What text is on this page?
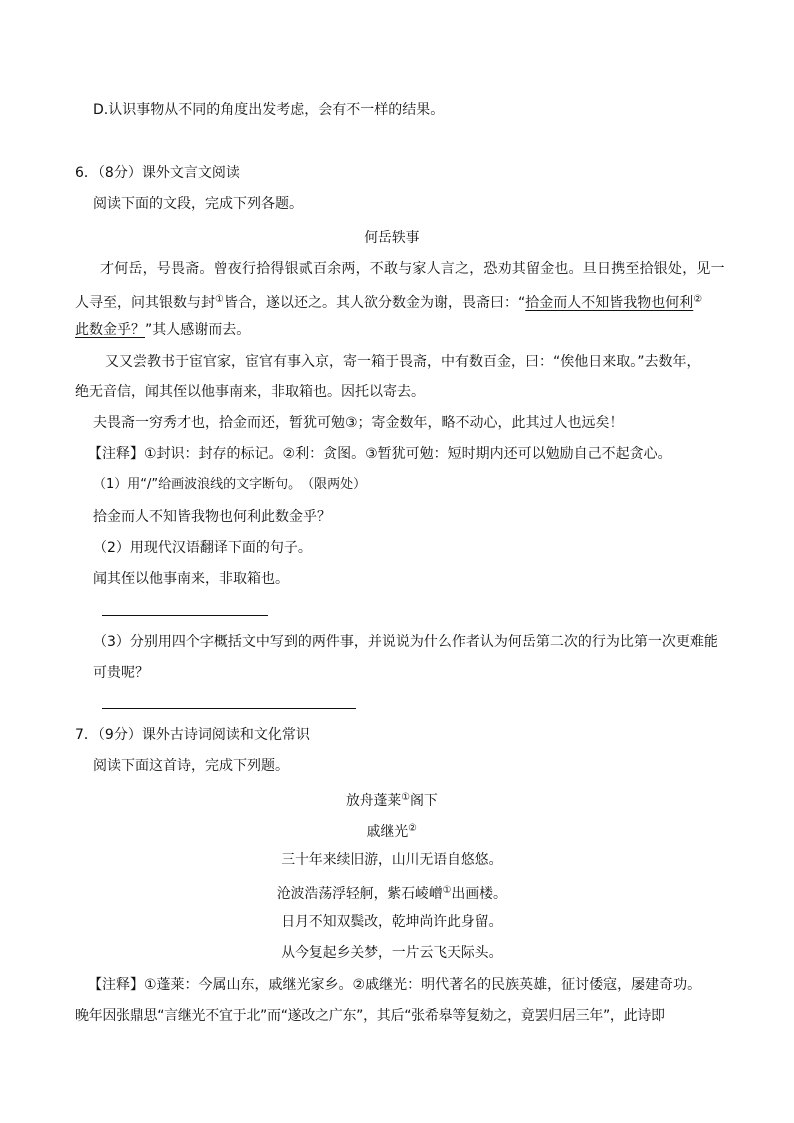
D.认识事物从不同的角度出发考虑，会有不一样的结果。
6．（8分）课外文言文阅读
阅读下面的文段，完成下列各题。
何岳轶事
才何岳，号畏斋。曾夜行拾得银贰百余两，不敢与家人言之，恐劝其留金也。旦日携至拾银处，见一
人寻至，问其银数与封①皆合，遂以还之。其人欲分数金为谢，畏斋曰：“拾金而人不知皆我物也何利②
此数金乎？”其人感谢而去。
又又尝教书于宦官家，宦官有事入京，寄一箱于畏斋，中有数百金，曰：“俟他日来取。”去数年，
绝无音信，闻其侄以他事南来，非取箱也。因托以寄去。
夫畏斋一穷秀才也，拾金而还，暂犹可勉③；寄金数年，略不动心，此其过人也远矣！
【注释】①封识：封存的标记。②利：贪图。③暂犹可勉：短时期内还可以勉励自己不起贪心。
（1）用“/”给画波浪线的文字断句。　（限两处）
拾金而人不知皆我物也何利此数金乎？
（2）用现代汉语翻译下面的句子。
闻其侄以他事南来，非取箱也。
（3）分别用四个字概括文中写到的两件事，并说说为什么作者认为何岳第二次的行为比第一次更难能
可贵呢？
7．（9分）课外古诗词阅读和文化常识
阅读下面这首诗，完成下列题。
放舟蓬莱①阁下
戚继光②
三十年来续旧游，山川无语自悠悠。
沧波浩荡浮轻舸，紫石崚嶒①出画楼。
日月不知双鬓改，乾坤尚许此身留。
从今复起乡关梦，一片云飞天际头。
【注释】①蓬莱：今属山东，戚继光家乡。②戚继光：明代著名的民族英雄，征讨倭寇，屡建奇功。
晚年因张鼎思“言继光不宜于北”而“遂改之广东”，其后“张希皋等复劾之，竟罢归居三年”，此诗即
